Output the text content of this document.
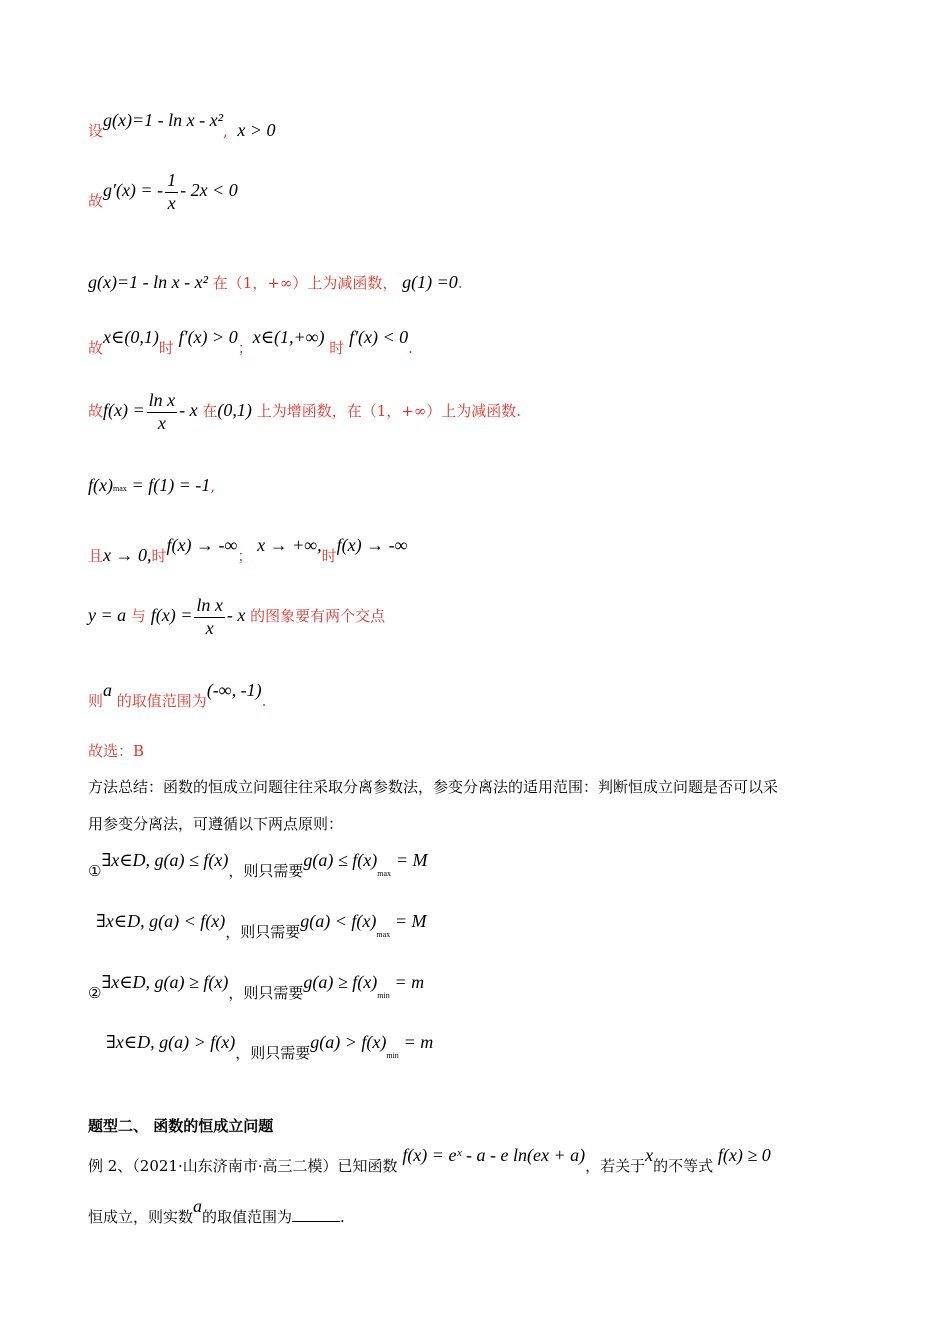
设g(x)=1 - ln x - x², x > 0
故g′(x) = - $\frac{1}{x} - 2x < 0$
g(x)=1 - ln x - x² 在（1，+∞）上为减函数， g(1) =0.
故x∈(0,1)时 f′(x) > 0；x∈(1,+∞) 时 f′(x) < 0.
故$f(x) = \frac{\text{ln x}}{x} - x$ 在(0,1) 上为增函数，在（1，+∞）上为减函数.
f(x)max = f(1) = -1,
且x → 0,时f(x) → -∞； x → +∞,时f(x) → -∞
y = a 与 $f(x) = \frac{\text{ln x}}{x} - x$ 的图象要有两个交点
则a 的取值范围为(-∞, -1).
故选：B
方法总结：函数的恒成立问题往往采取分离参数法，参变分离法的适用范围：判断恒成立问题是否可以采
用参变分离法，可遵循以下两点原则：
①∃x∈D, g(a) ≤ f(x)，则只需要g(a) ≤ f(x)max = M
∃x∈D, g(a) < f(x)，则只需要g(a) < f(x)max = M
②∃x∈D, g(a) ≥ f(x)，则只需要g(a) ≥ f(x)min = m
∃x∈D, g(a) > f(x)，则只需要g(a) > f(x)min = m
题型二、 函数的恒成立问题
例 2、（2021·山东济南市·高三二模）已知函数 f(x) = eˣ - a - e ln(ex + a)，若关于x的不等式 f(x) ≥ 0
恒成立，则实数a的取值范围为	.
